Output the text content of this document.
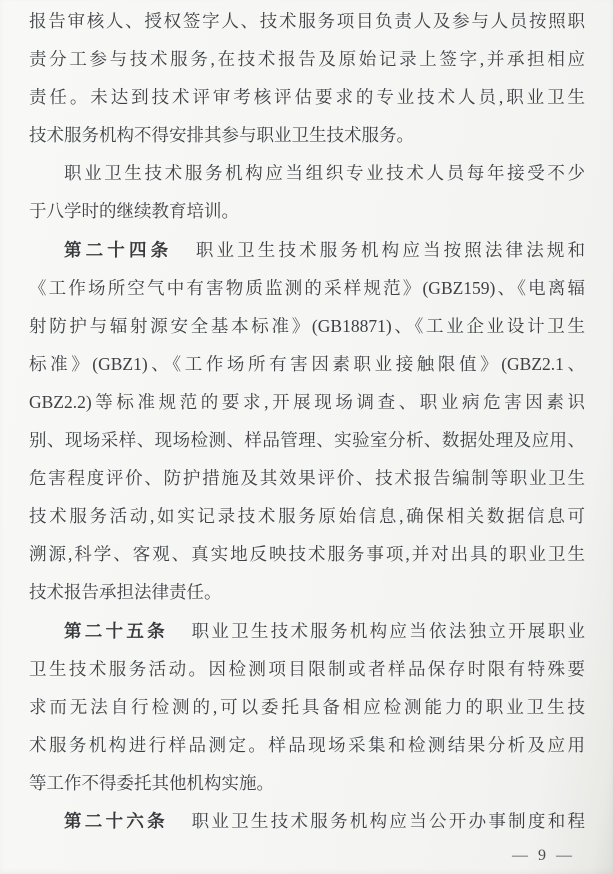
报告审核人、授权签字人、技术服务项目负责人及参与人员按照职
责分工参与技术服务,在技术报告及原始记录上签字,并承担相应
责任。未达到技术评审考核评估要求的专业技术人员,职业卫生
技术服务机构不得安排其参与职业卫生技术服务。
职业卫生技术服务机构应当组织专业技术人员每年接受不少
于八学时的继续教育培训。
第二十四条 职业卫生技术服务机构应当按照法律法规和
《工作场所空气中有害物质监测的采样规范》(GBZ159)、《电离辐
射防护与辐射源安全基本标准》(GB18871)、《工业企业设计卫生
标准》(GBZ1)、《工作场所有害因素职业接触限值》(GBZ2.1、
GBZ2.2)等标准规范的要求,开展现场调查、职业病危害因素识
别、现场采样、现场检测、样品管理、实验室分析、数据处理及应用、
危害程度评价、防护措施及其效果评价、技术报告编制等职业卫生
技术服务活动,如实记录技术服务原始信息,确保相关数据信息可
溯源,科学、客观、真实地反映技术服务事项,并对出具的职业卫生
技术报告承担法律责任。
第二十五条 职业卫生技术服务机构应当依法独立开展职业
卫生技术服务活动。因检测项目限制或者样品保存时限有特殊要
求而无法自行检测的,可以委托具备相应检测能力的职业卫生技
术服务机构进行样品测定。样品现场采集和检测结果分析及应用
等工作不得委托其他机构实施。
第二十六条 职业卫生技术服务机构应当公开办事制度和程
— 9 —
